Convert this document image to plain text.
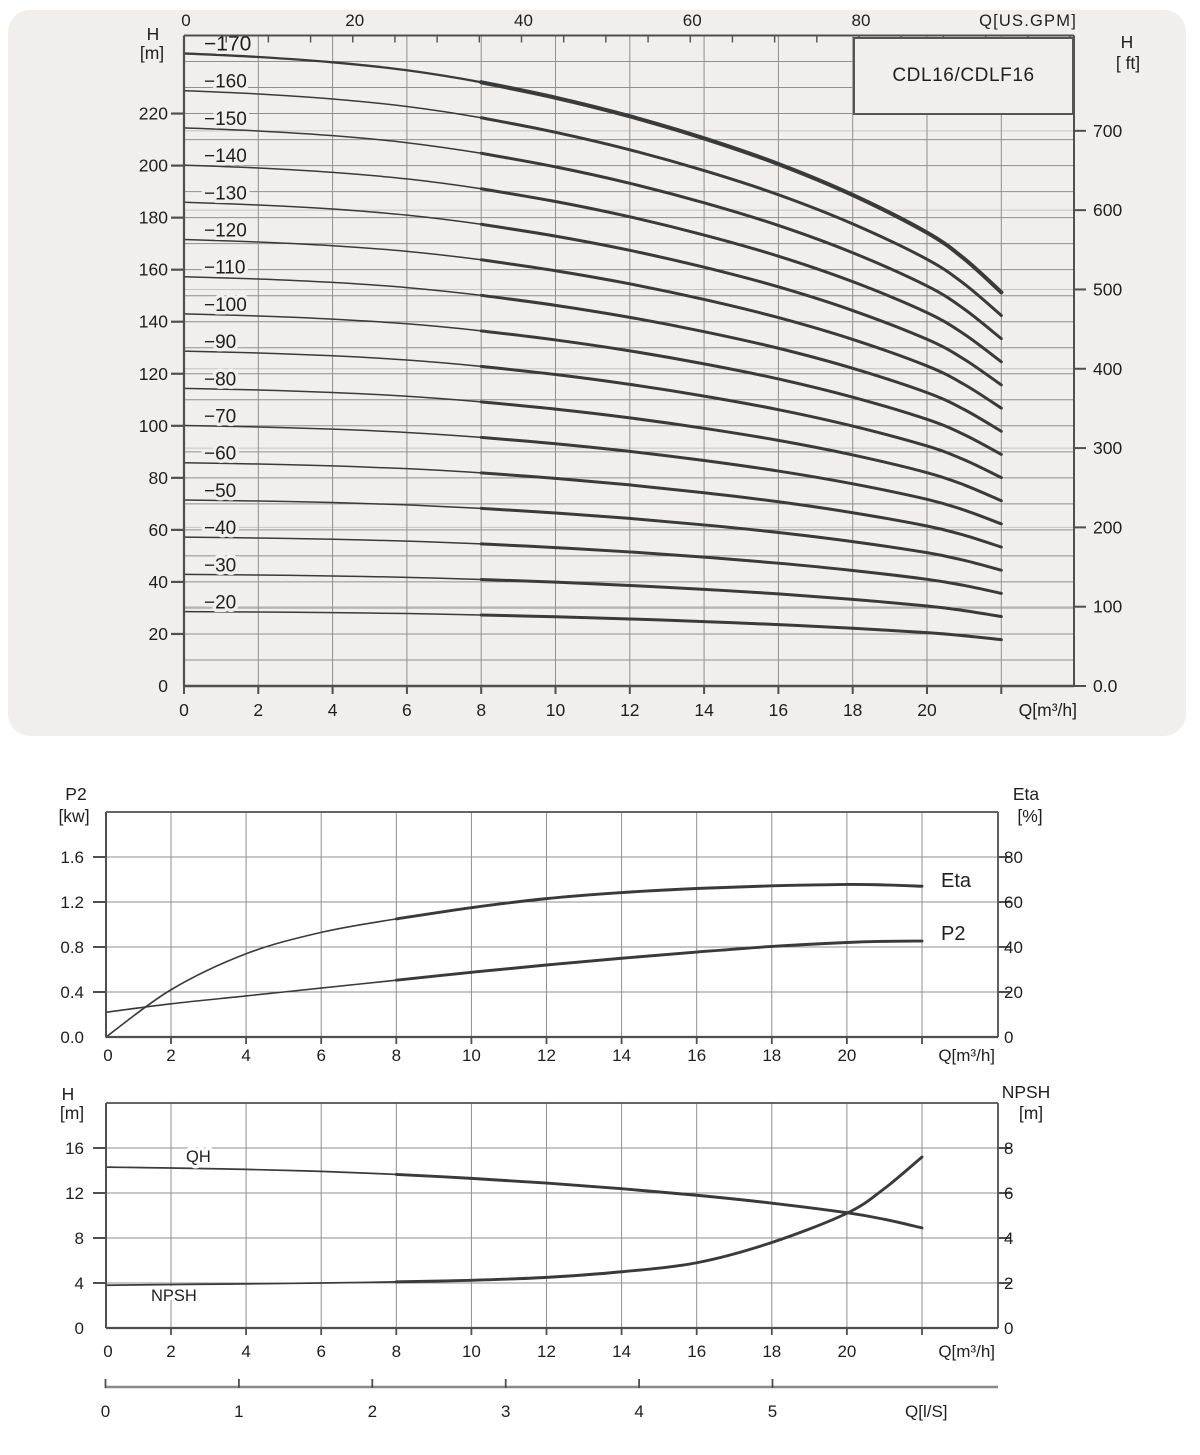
−20
−30
−40
−50
−60
−70
−80
−90
−100
−110
−120
−130
−140
−150
−160
−170
0	20	40	60	80	Q[US.GPM]
0
20
40
60
80
100
120
140
160
180
200
220
H
[m]
0.0
100
200
300
400
500
600
700
H
[ ft]
0	2	4	6	8	10	12	14	16	18	20	Q[m³/h]
Eta
P2
0.0
0.4
0.8
1.2
1.6
P2
[kw]
0
20
40
60
80
Eta
[%]
0	2	4	6	8	10	12	14	16	18	20	Q[m³/h]
QH
NPSH
0
4
8
12
16
H
[m]
0
2
4
6
8
NPSH
[m]
0	2	4	6	8	10	12	14	16	18	20	Q[m³/h]
0	1	2	3	4	5	Q[l/S]
CDL16/CDLF16
